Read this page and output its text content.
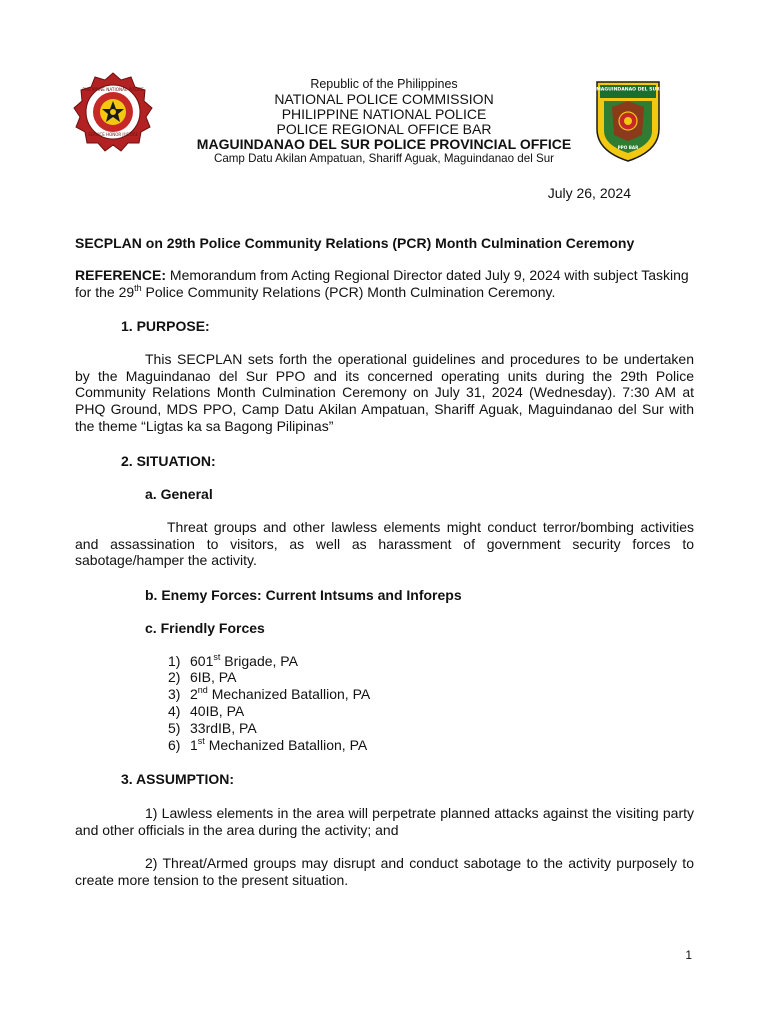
PHILIPPINE NATIONAL POLICE
SERVICE HONOR JUSTICE
MAGUINDANAO DEL SUR
PPO BAR
Republic of the Philippines
NATIONAL POLICE COMMISSION
PHILIPPINE NATIONAL POLICE
POLICE REGIONAL OFFICE BAR
MAGUINDANAO DEL SUR POLICE PROVINCIAL OFFICE
Camp Datu Akilan Ampatuan, Shariff Aguak, Maguindanao del Sur
July 26, 2024
SECPLAN on 29th Police Community Relations (PCR) Month Culmination Ceremony
REFERENCE: Memorandum from Acting Regional Director dated July 9, 2024 with subject Tasking for the 29th Police Community Relations (PCR) Month Culmination Ceremony.
1. PURPOSE:
This SECPLAN sets forth the operational guidelines and procedures to be undertaken by the Maguindanao del Sur PPO and its concerned operating units during the 29th Police Community Relations Month Culmination Ceremony on July 31, 2024 (Wednesday). 7:30 AM at PHQ Ground, MDS PPO, Camp Datu Akilan Ampatuan, Shariff Aguak, Maguindanao del Sur with the theme “Ligtas ka sa Bagong Pilipinas”
2. SITUATION:
a. General
Threat groups and other lawless elements might conduct terror/bombing activities and assassination to visitors, as well as harassment of government security forces to sabotage/hamper the activity.
b. Enemy Forces: Current Intsums and Inforeps
c. Friendly Forces
1) 601st Brigade, PA
2) 6IB, PA
3) 2nd Mechanized Batallion, PA
4) 40IB, PA
5) 33rdIB, PA
6) 1st Mechanized Batallion, PA
3. ASSUMPTION:
1) Lawless elements in the area will perpetrate planned attacks against the visiting party and other officials in the area during the activity; and
2) Threat/Armed groups may disrupt and conduct sabotage to the activity purposely to create more tension to the present situation.
1
